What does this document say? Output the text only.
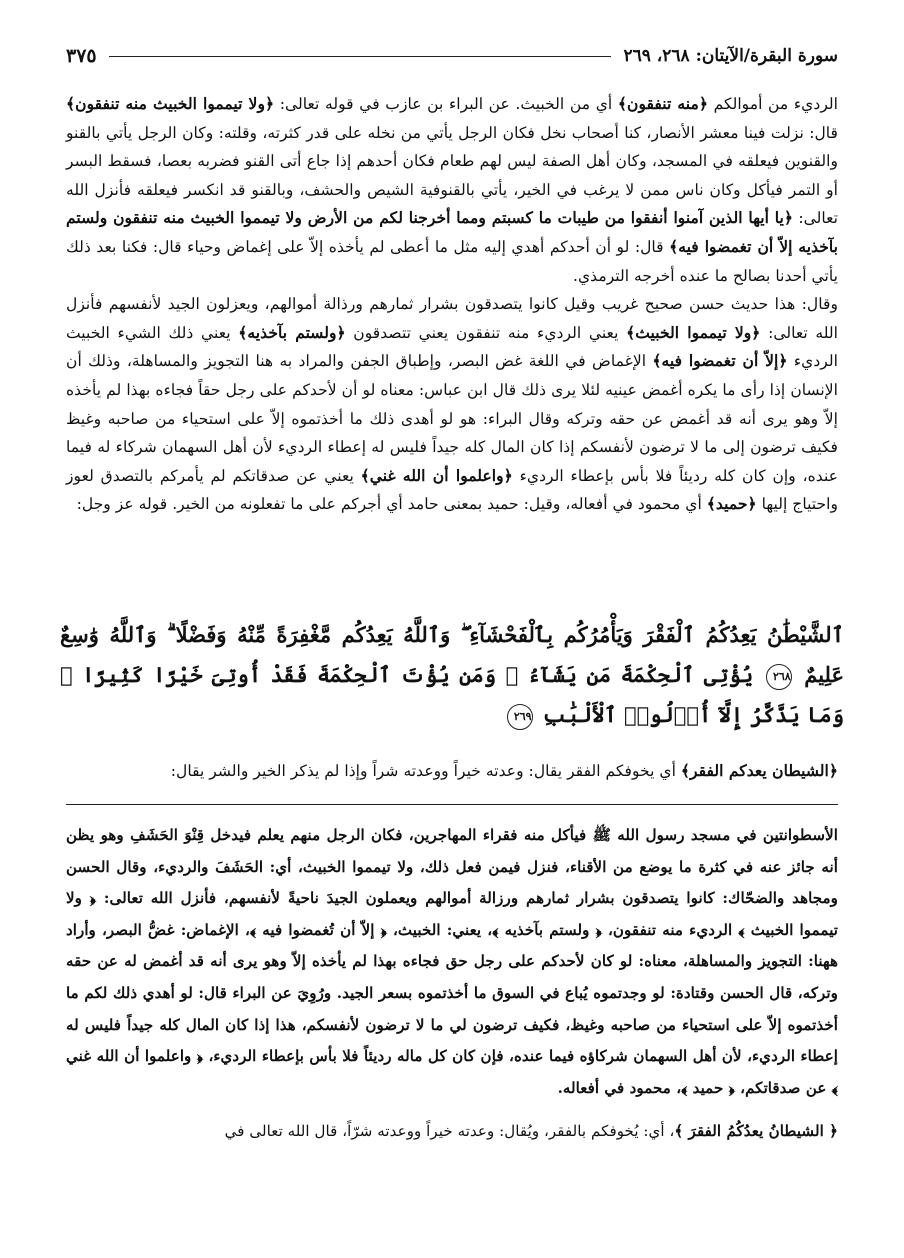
سورة البقرة/الآيتان: ٢٦٨، ٢٦٩
٣٧٥

الرديء من أموالكم ﴿منه تنفقون﴾ أي من الخبيث. عن البراء بن عازب في قوله تعالى: ﴿ولا تيمموا الخبيث منه تنفقون﴾ قال: نزلت فينا معشر الأنصار، كنا أصحاب نخل فكان الرجل يأتي من نخله على قدر كثرته، وقلته: وكان الرجل يأتي بالقنو والقنوين فيعلقه في المسجد، وكان أهل الصفة ليس لهم طعام فكان أحدهم إذا جاع أتى القنو فضربه بعصا، فسقط البسر أو التمر فيأكل وكان ناس ممن لا يرغب في الخير، يأتي بالقنوفية الشيص والحشف، وبالقنو قد انكسر فيعلقه فأنزل الله تعالى: ﴿يا أيها الذين آمنوا أنفقوا من طيبات ما كسبتم ومما أخرجنا لكم من الأرض ولا تيمموا الخبيث منه تنفقون ولستم بآخذيه إلاّ أن تغمضوا فيه﴾ قال: لو أن أحدكم أهدي إليه مثل ما أعطى لم يأخذه إلاّ على إغماض وحياء قال: فكنا بعد ذلك يأتي أحدنا بصالح ما عنده أخرجه الترمذي.

وقال: هذا حديث حسن صحيح غريب وقيل كانوا يتصدقون بشرار ثمارهم ورذالة أموالهم، ويعزلون الجيد لأنفسهم فأنزل الله تعالى: ﴿ولا تيمموا الخبيث﴾ يعني الرديء منه تنفقون يعني تتصدقون ﴿ولستم بآخذيه﴾ يعني ذلك الشيء الخبيث الرديء ﴿إلاّ أن تغمضوا فيه﴾ الإغماض في اللغة غض البصر، وإطباق الجفن والمراد به هنا التجويز والمساهلة، وذلك أن الإنسان إذا رأى ما يكره أغمض عينيه لئلا يرى ذلك قال ابن عباس: معناه لو أن لأحدكم على رجل حقاً فجاءه بهذا لم يأخذه إلاّ وهو يرى أنه قد أغمض عن حقه وتركه وقال البراء: هو لو أهدى ذلك ما أخذتموه إلاّ على استحياء من صاحبه وغيظ فكيف ترضون إلى ما لا ترضون لأنفسكم إذا كان المال كله جيداً فليس له إعطاء الرديء لأن أهل السهمان شركاء له فيما عنده، وإن كان كله رديئاً فلا بأس بإعطاء الرديء ﴿واعلموا أن الله غني﴾ يعني عن صدقاتكم لم يأمركم بالتصدق لعوز واحتياج إليها ﴿حميد﴾ أي محمود في أفعاله، وقيل: حميد بمعنى حامد أي أجركم على ما تفعلونه من الخير. قوله عز وجل:

ٱلشَّيْطَٰنُ يَعِدُكُمُ ٱلْفَقْرَ وَيَأْمُرُكُم بِٱلْفَحْشَآءِ ۖ وَٱللَّهُ يَعِدُكُم مَّغْفِرَةً مِّنْهُ وَفَضْلًا ۗ وَٱللَّهُ وَٰسِعٌ عَلِيمٌ ٢٦٨ يُؤْتِى ٱلْحِكْمَةَ مَن يَشَآءُ ۚ وَمَن يُؤْتَ ٱلْحِكْمَةَ فَقَدْ أُوتِىَ خَيْرًا كَثِيرًا ۗ وَمَا يَذَّكَّرُ إِلَّآ أُو۟لُوا۟ ٱلْأَلْبَٰبِ ٢٦٩
﴿الشيطان يعدكم الفقر﴾ أي يخوفكم الفقر يقال: وعدته خيراً ووعدته شراً وإذا لم يذكر الخير والشر يقال:

الأسطوانتين في مسجد رسول الله ﷺ فيأكل منه فقراء المهاجرين، فكان الرجل منهم يعلم فيدخل قِنْوَ الحَشَفِ وهو يظن أنه جائز عنه في كثرة ما يوضع من الأقناء، فنزل فيمن فعل ذلك، ولا تيمموا الخبيث، أي: الحَشَفَ والرديء، وقال الحسن ومجاهد والضحّاك: كانوا يتصدقون بشرار ثمارهم ورزالة أموالهم ويعملون الجيدَ ناحيةً لأنفسهم، فأنزل الله تعالى: ﴿ ولا تيمموا الخبيث ﴾ الرديء منه تنفقون، ﴿ ولستم بآخذيه ﴾، يعني: الخبيث، ﴿ إلاّ أن تُغمضوا فيه ﴾، الإغماض: غضُّ البصر، وأراد ههنا: التجويز والمساهلة، معناه: لو كان لأحدكم على رجل حق فجاءه بهذا لم يأخذه إلاّ وهو يرى أنه قد أغمض له عن حقه وتركه، قال الحسن وقتادة: لو وجدتموه يُباع في السوق ما أخذتموه بسعر الجيد. ورُوِيَ عن البراء قال: لو أهدي ذلك لكم ما أخذتموه إلاّ على استحياء من صاحبه وغيظ، فكيف ترضون لي ما لا ترضون لأنفسكم، هذا إذا كان المال كله جيداً فليس له إعطاء الرديء، لأن أهل السهمان شركاؤه فيما عنده، فإن كان كل ماله رديئاً فلا بأس بإعطاء الرديء، ﴿ واعلموا أن الله غني ﴾ عن صدقاتكم، ﴿ حميد ﴾، محمود في أفعاله.

﴿ الشيطانُ يعدُكُمُ الفقرَ ﴾، أي: يُخوفكم بالفقر، ويُقال: وعدته خيراً ووعدته شرّاً، قال الله تعالى في
